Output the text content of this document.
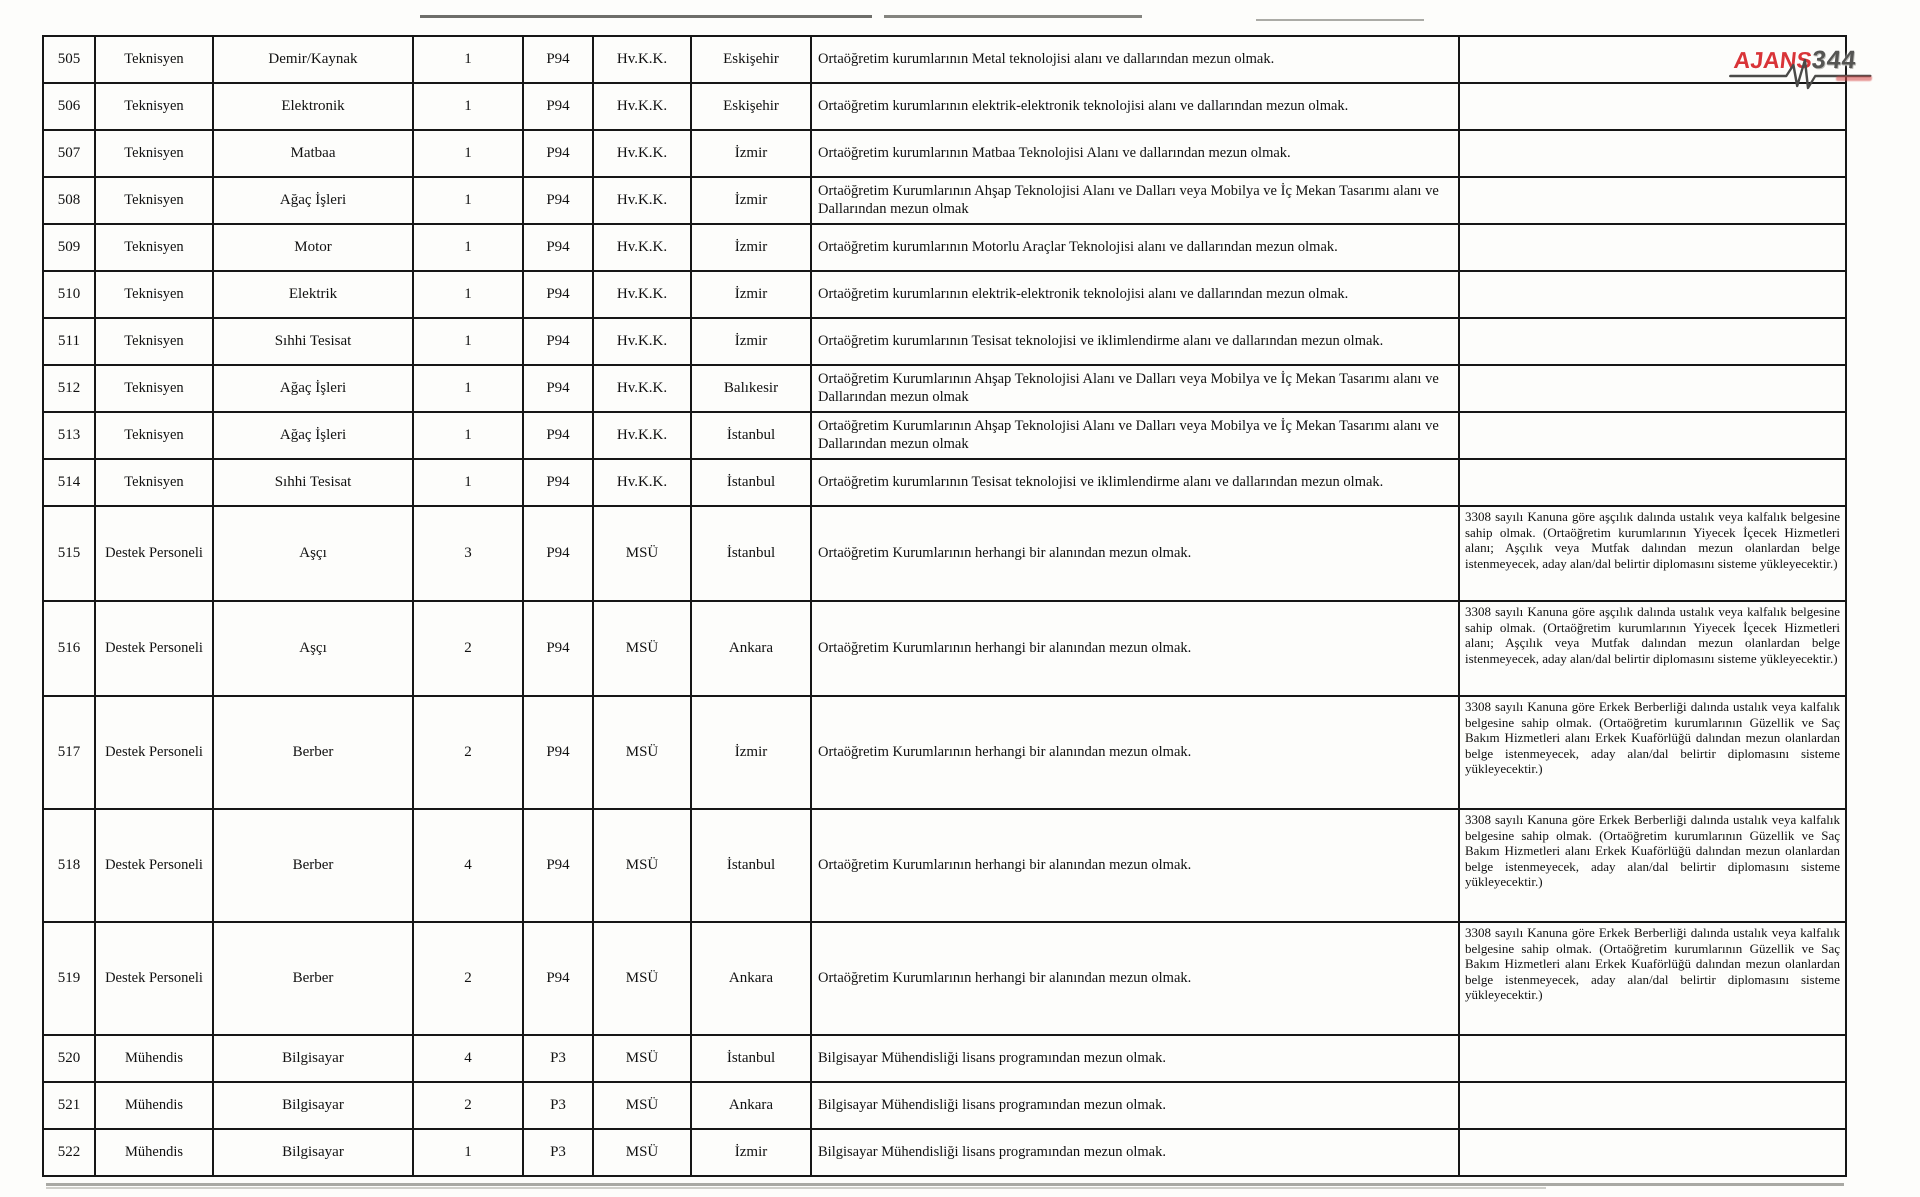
505	Teknisyen	Demir/Kaynak	1	P94	Hv.K.K.	Eskişehir	Ortaöğretim kurumlarının Metal teknolojisi alanı ve dallarından mezun olmak.	
506	Teknisyen	Elektronik	1	P94	Hv.K.K.	Eskişehir	Ortaöğretim kurumlarının elektrik-elektronik teknolojisi alanı ve dallarından mezun olmak.	
507	Teknisyen	Matbaa	1	P94	Hv.K.K.	İzmir	Ortaöğretim kurumlarının Matbaa Teknolojisi Alanı ve dallarından mezun olmak.	
508	Teknisyen	Ağaç İşleri	1	P94	Hv.K.K.	İzmir	Ortaöğretim Kurumlarının Ahşap Teknolojisi Alanı ve Dalları veya Mobilya ve İç Mekan Tasarımı alanı ve Dallarından mezun olmak	
509	Teknisyen	Motor	1	P94	Hv.K.K.	İzmir	Ortaöğretim kurumlarının Motorlu Araçlar Teknolojisi alanı ve dallarından mezun olmak.	
510	Teknisyen	Elektrik	1	P94	Hv.K.K.	İzmir	Ortaöğretim kurumlarının elektrik-elektronik teknolojisi alanı ve dallarından mezun olmak.	
511	Teknisyen	Sıhhi Tesisat	1	P94	Hv.K.K.	İzmir	Ortaöğretim kurumlarının Tesisat teknolojisi ve iklimlendirme alanı ve dallarından mezun olmak.	
512	Teknisyen	Ağaç İşleri	1	P94	Hv.K.K.	Balıkesir	Ortaöğretim Kurumlarının Ahşap Teknolojisi Alanı ve Dalları veya Mobilya ve İç Mekan Tasarımı alanı ve Dallarından mezun olmak	
513	Teknisyen	Ağaç İşleri	1	P94	Hv.K.K.	İstanbul	Ortaöğretim Kurumlarının Ahşap Teknolojisi Alanı ve Dalları veya Mobilya ve İç Mekan Tasarımı alanı ve Dallarından mezun olmak	
514	Teknisyen	Sıhhi Tesisat	1	P94	Hv.K.K.	İstanbul	Ortaöğretim kurumlarının Tesisat teknolojisi ve iklimlendirme alanı ve dallarından mezun olmak.	
515	Destek Personeli	Aşçı	3	P94	MSÜ	İstanbul	Ortaöğretim Kurumlarının herhangi bir alanından mezun olmak.	3308 sayılı Kanuna göre aşçılık dalında ustalık veya kalfalık belgesine sahip olmak. (Ortaöğretim kurumlarının Yiyecek İçecek Hizmetleri alanı; Aşçılık veya Mutfak dalından mezun olanlardan belge istenmeyecek, aday alan/dal belirtir diplomasını sisteme yükleyecektir.)
516	Destek Personeli	Aşçı	2	P94	MSÜ	Ankara	Ortaöğretim Kurumlarının herhangi bir alanından mezun olmak.	3308 sayılı Kanuna göre aşçılık dalında ustalık veya kalfalık belgesine sahip olmak. (Ortaöğretim kurumlarının Yiyecek İçecek Hizmetleri alanı; Aşçılık veya Mutfak dalından mezun olanlardan belge istenmeyecek, aday alan/dal belirtir diplomasını sisteme yükleyecektir.)
517	Destek Personeli	Berber	2	P94	MSÜ	İzmir	Ortaöğretim Kurumlarının herhangi bir alanından mezun olmak.	3308 sayılı Kanuna göre Erkek Berberliği dalında ustalık veya kalfalık belgesine sahip olmak. (Ortaöğretim kurumlarının Güzellik ve Saç Bakım Hizmetleri alanı Erkek Kuaförlüğü dalından mezun olanlardan belge istenmeyecek, aday alan/dal belirtir diplomasını sisteme yükleyecektir.)
518	Destek Personeli	Berber	4	P94	MSÜ	İstanbul	Ortaöğretim Kurumlarının herhangi bir alanından mezun olmak.	3308 sayılı Kanuna göre Erkek Berberliği dalında ustalık veya kalfalık belgesine sahip olmak. (Ortaöğretim kurumlarının Güzellik ve Saç Bakım Hizmetleri alanı Erkek Kuaförlüğü dalından mezun olanlardan belge istenmeyecek, aday alan/dal belirtir diplomasını sisteme yükleyecektir.)
519	Destek Personeli	Berber	2	P94	MSÜ	Ankara	Ortaöğretim Kurumlarının herhangi bir alanından mezun olmak.	3308 sayılı Kanuna göre Erkek Berberliği dalında ustalık veya kalfalık belgesine sahip olmak. (Ortaöğretim kurumlarının Güzellik ve Saç Bakım Hizmetleri alanı Erkek Kuaförlüğü dalından mezun olanlardan belge istenmeyecek, aday alan/dal belirtir diplomasını sisteme yükleyecektir.)
520	Mühendis	Bilgisayar	4	P3	MSÜ	İstanbul	Bilgisayar Mühendisliği lisans programından mezun olmak.	
521	Mühendis	Bilgisayar	2	P3	MSÜ	Ankara	Bilgisayar Mühendisliği lisans programından mezun olmak.	
522	Mühendis	Bilgisayar	1	P3	MSÜ	İzmir	Bilgisayar Mühendisliği lisans programından mezun olmak.	
AJANS344
